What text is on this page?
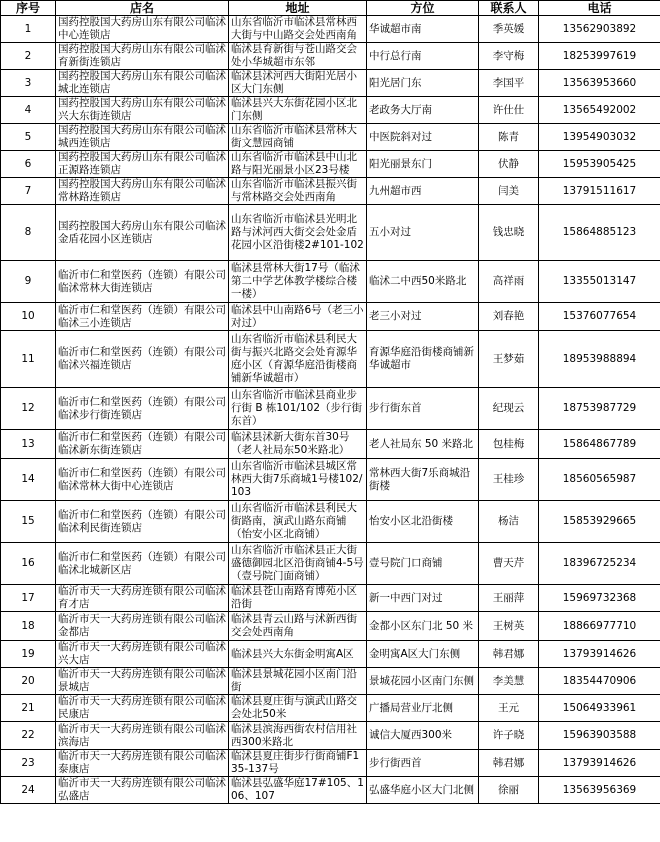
序号	店名	地址	方位	联系人	电话
1	国药控股国大药房山东有限公司临沭中心连锁店	山东省临沂市临沭县常林西大街与中山路交会处西南角	华诚超市南	季英媛	13562903892
2	国药控股国大药房山东有限公司临沭育新街连锁店	临沭县育新街与苍山路交会处小华城超市东邻	中行总行南	李守梅	18253997619
3	国药控股国大药房山东有限公司临沭城北连锁店	临沭县沭河西大街阳光居小区大门东侧	阳光居门东	李国平	13563953660
4	国药控股国大药房山东有限公司临沭兴大东街连锁店	临沭县兴大东街花园小区北门东侧	老政务大厅南	许仕仕	13565492002
5	国药控股国大药房山东有限公司临沭城西连锁店	山东省临沂市临沭县常林大街文慧园商铺	中医院斜对过	陈青	13954903032
6	国药控股国大药房山东有限公司临沭正源路连锁店	山东省临沂市临沭县中山北路与阳光丽景小区23号楼	阳光丽景东门	伏静	15953905425
7	国药控股国大药房山东有限公司临沭常林路连锁店	山东省临沂市临沭县振兴街与常林路交会处西南角	九州超市西	闫美	13791511617
8	国药控股国大药房山东有限公司临沭金盾花园小区连锁店	山东省临沂市临沭县光明北路与沭河西大街交会处金盾花园小区沿街楼2#101-102	五小对过	钱忠晓	15864885123
9	临沂市仁和堂医药（连锁）有限公司临沭常林大街连锁店	临沭县常林大街17号（临沭第二中学艺体教学楼综合楼一楼）	临沭二中西50米路北	高祥雨	13355013147
10	临沂市仁和堂医药（连锁）有限公司临沭三小连锁店	临沭县中山南路6号（老三小对过）	老三小对过	刘春艳	15376077654
11	临沂市仁和堂医药（连锁）有限公司临沭兴福连锁店	山东省临沂市临沭县利民大街与振兴北路交会处育源华庭小区（育源华庭沿街楼商铺新华诚超市）	育源华庭沿街楼商铺新华诚超市	王梦茹	18953988894
12	临沂市仁和堂医药（连锁）有限公司临沭步行街连锁店	山东省临沂市临沭县商业步行街 B 栋101/102（步行街东首）	步行街东首	纪现云	18753987729
13	临沂市仁和堂医药（连锁）有限公司临沭新东街连锁店	临沭县沭新大街东首30号（老人社局东50米路北）	老人社局东 50 米路北	包桂梅	15864867789
14	临沂市仁和堂医药（连锁）有限公司临沭常林大街中心连锁店	山东省临沂市临沭县城区常林西大街7乐商城1号楼102/103	常林西大街7乐商城沿街楼	王桂珍	18560565987
15	临沂市仁和堂医药（连锁）有限公司临沭利民街连锁店	山东省临沂市临沭县利民大街路南，演武山路东商铺（怡安小区北商铺）	怡安小区北沿街楼	杨洁	15853929665
16	临沂市仁和堂医药（连锁）有限公司临沭北城新区店	山东省临沂市临沭县正大街盛德御园北区沿街商铺4-5号（壹号院门面商铺）	壹号院门口商铺	曹天芹	18396725234
17	临沂市天一大药房连锁有限公司临沭育才店	临沭县苍山南路育博苑小区沿街	新一中西门对过	王丽萍	15969732368
18	临沂市天一大药房连锁有限公司临沭金都店	临沭县青云山路与沭新西街交会处西南角	金都小区东门北 50 米	王树英	18866977710
19	临沂市天一大药房连锁有限公司临沭兴大店	临沭县兴大东街金明寓A区	金明寓A区大门东侧	韩君娜	13793914626
20	临沂市天一大药房连锁有限公司临沭景城店	临沭县景城花园小区南门沿街	景城花园小区南门东侧	李美慧	18354470906
21	临沂市天一大药房连锁有限公司临沭民康店	临沭县夏庄街与演武山路交会处北50米	广播局营业厅北侧	王元	15064933961
22	临沂市天一大药房连锁有限公司临沭滨海店	临沭县滨海西街农村信用社西300米路北	诚信大厦西300米	许子晓	15963903588
23	临沂市天一大药房连锁有限公司临沭泰康店	临沭县夏庄街步行街商铺F135-137号	步行街西首	韩君娜	13793914626
24	临沂市天一大药房连锁有限公司临沭弘盛店	临沭县弘盛华庭17#105、106、107	弘盛华庭小区大门北侧	徐丽	13563956369
